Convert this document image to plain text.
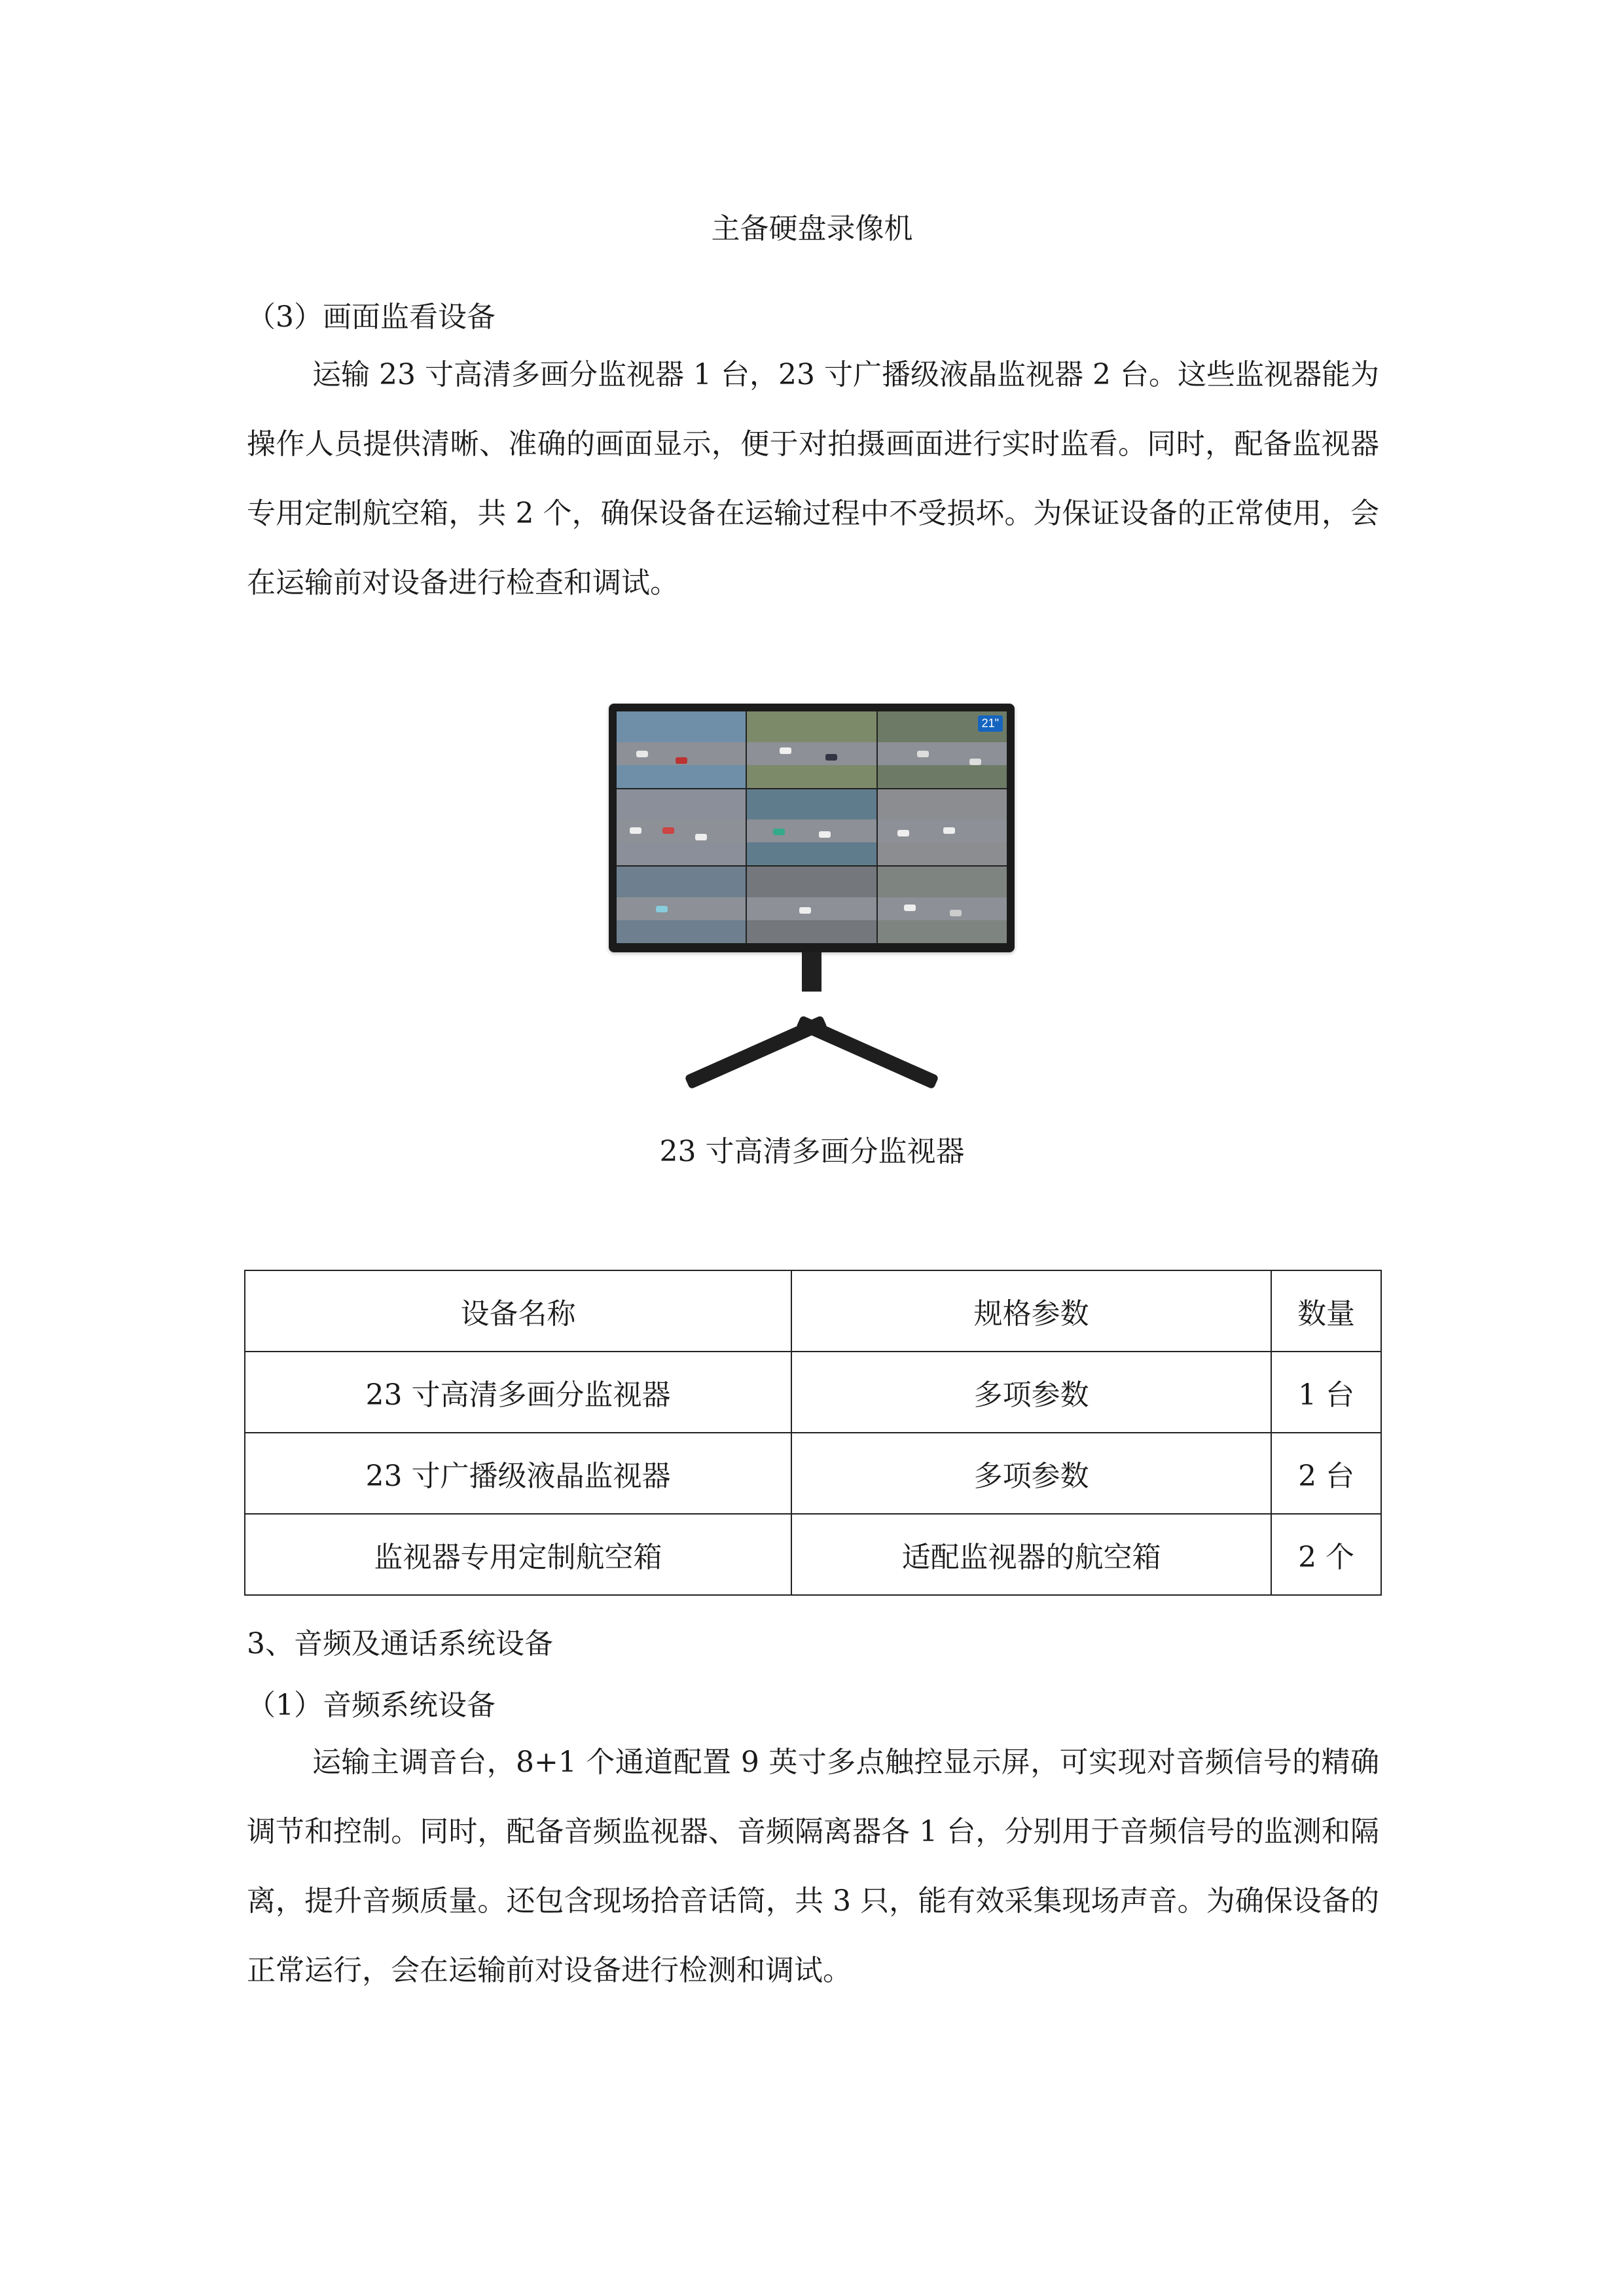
主备硬盘录像机
（3）画面监看设备
运输 23 寸高清多画分监视器 1 台，23 寸广播级液晶监视器 2 台。这些监视器能为操作人员提供清晰、准确的画面显示，便于对拍摄画面进行实时监看。同时，配备监视器专用定制航空箱，共 2 个，确保设备在运输过程中不受损坏。为保证设备的正常使用，会在运输前对设备进行检查和调试。
21"
23 寸高清多画分监视器
设备名称	规格参数	数量
23 寸高清多画分监视器	多项参数	1 台
23 寸广播级液晶监视器	多项参数	2 台
监视器专用定制航空箱	适配监视器的航空箱	2 个
3、音频及通话系统设备
（1）音频系统设备
运输主调音台，8+1 个通道配置 9 英寸多点触控显示屏，可实现对音频信号的精确调节和控制。同时，配备音频监视器、音频隔离器各 1 台，分别用于音频信号的监测和隔离，提升音频质量。还包含现场拾音话筒，共 3 只，能有效采集现场声音。为确保设备的正常运行，会在运输前对设备进行检测和调试。
